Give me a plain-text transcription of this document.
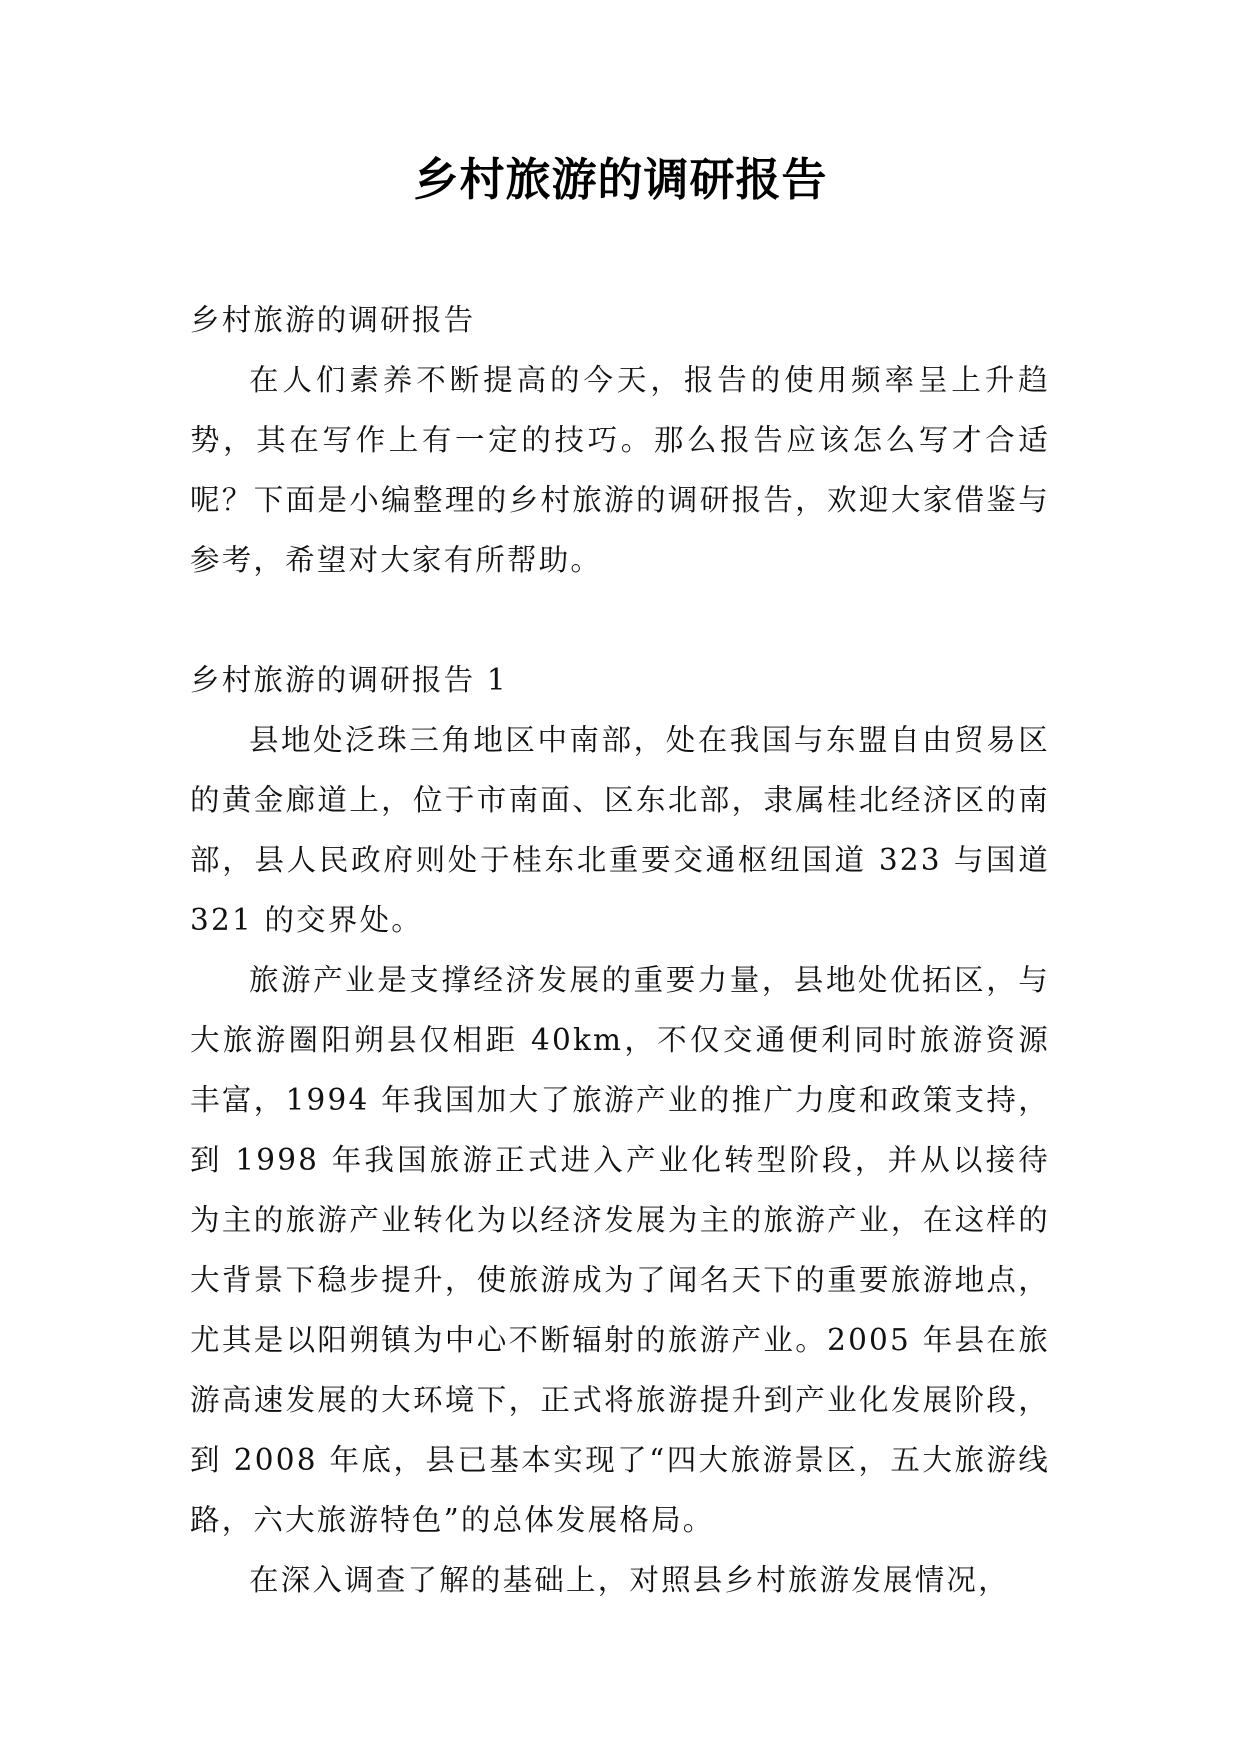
乡村旅游的调研报告

乡村旅游的调研报告

在人们素养不断提高的今天，报告的使用频率呈上升趋势，其在写作上有一定的技巧。那么报告应该怎么写才合适呢？下面是小编整理的乡村旅游的调研报告，欢迎大家借鉴与参考，希望对大家有所帮助。

乡村旅游的调研报告 1

县地处泛珠三角地区中南部，处在我国与东盟自由贸易区的黄金廊道上，位于市南面、区东北部，隶属桂北经济区的南部，县人民政府则处于桂东北重要交通枢纽国道 323 与国道 321 的交界处。

旅游产业是支撑经济发展的重要力量，县地处优拓区，与大旅游圈阳朔县仅相距 40km，不仅交通便利同时旅游资源丰富，1994 年我国加大了旅游产业的推广力度和政策支持，到 1998 年我国旅游正式进入产业化转型阶段，并从以接待为主的旅游产业转化为以经济发展为主的旅游产业，在这样的大背景下稳步提升，使旅游成为了闻名天下的重要旅游地点，尤其是以阳朔镇为中心不断辐射的旅游产业。2005 年县在旅游高速发展的大环境下，正式将旅游提升到产业化发展阶段，到 2008 年底，县已基本实现了“四大旅游景区，五大旅游线路，六大旅游特色”的总体发展格局。

在深入调查了解的基础上，对照县乡村旅游发展情况，
